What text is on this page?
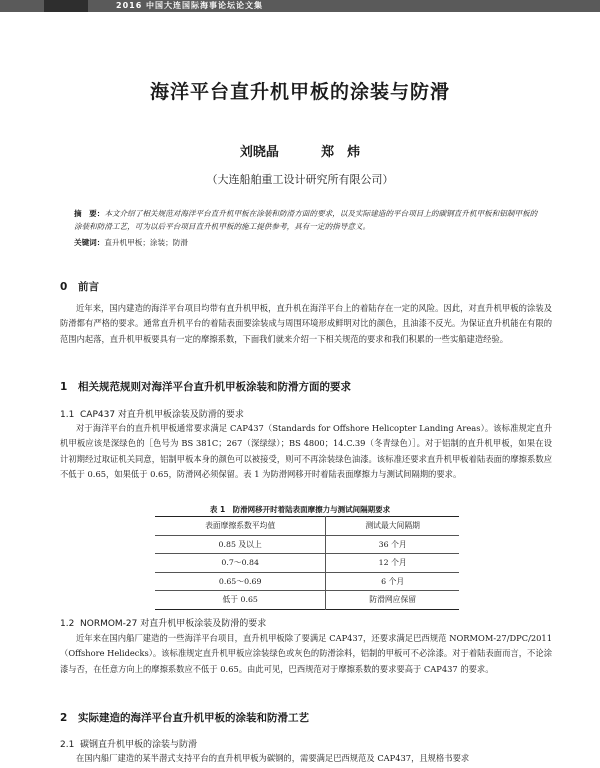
2016 中国大连国际海事论坛论文集
海洋平台直升机甲板的涂装与防滑
刘晓晶	郑　炜
（大连船舶重工设计研究所有限公司）
摘　要：本文介绍了相关规范对海洋平台直升机甲板在涂装和防滑方面的要求，以及实际建造的平台项目上的碳钢直升机甲板和铝制甲板的涂装和防滑工艺，可为以后平台项目直升机甲板的施工提供参考，具有一定的指导意义。
关键词：直升机甲板；涂装；防滑
0 前言

近年来，国内建造的海洋平台项目均带有直升机甲板，直升机在海洋平台上的着陆存在一定的风险。因此，对直升机甲板的涂装及防滑都有严格的要求。通常直升机平台的着陆表面要涂装成与周围环境形成鲜明对比的颜色，且油漆不反光。为保证直升机能在有限的范围内起落，直升机甲板要具有一定的摩擦系数，下面我们就来介绍一下相关规范的要求和我们积累的一些实船建造经验。

1 相关规范规则对海洋平台直升机甲板涂装和防滑方面的要求
1.1 CAP437 对直升机甲板涂装及防滑的要求

对于海洋平台的直升机甲板通常要求满足 CAP437（Standards for Offshore Helicopter Landing Areas）。该标准规定直升机甲板应该是深绿色的［色号为 BS 381C；267（深绿绿）；BS 4800；14.C.39（冬青绿色）］。对于铝制的直升机甲板，如果在设计初期经过取证机关同意，铝制甲板本身的颜色可以被接受，则可不再涂装绿色油漆。该标准还要求直升机甲板着陆表面的摩擦系数应不低于 0.65，如果低于 0.65，防滑网必须保留。表 1 为防滑网移开时着陆表面摩擦力与测试间隔期的要求。

表 1　防滑网移开时着陆表面摩擦力与测试间隔期要求
表面摩擦系数平均值	测试最大间隔期
0.85 及以上	36 个月
0.7～0.84	12 个月
0.65～0.69	6 个月
低于 0.65	防滑网应保留
1.2 NORMOM-27 对直升机甲板涂装及防滑的要求

近年来在国内船厂建造的一些海洋平台项目，直升机甲板除了要满足 CAP437，还要求满足巴西规范 NORMOM-27/DPC/2011（Offshore Helidecks）。该标准规定直升机甲板应涂装绿色或灰色的防滑涂料，铝制的甲板可不必涂漆。对于着陆表面而言，不论涂漆与否，在任意方向上的摩擦系数应不低于 0.65。由此可见，巴西规范对于摩擦系数的要求要高于 CAP437 的要求。

2 实际建造的海洋平台直升机甲板的涂装和防滑工艺
2.1 碳钢直升机甲板的涂装与防滑

在国内船厂建造的某半潜式支持平台的直升机甲板为碳钢的，需要满足巴西规范及 CAP437，且规格书要求
